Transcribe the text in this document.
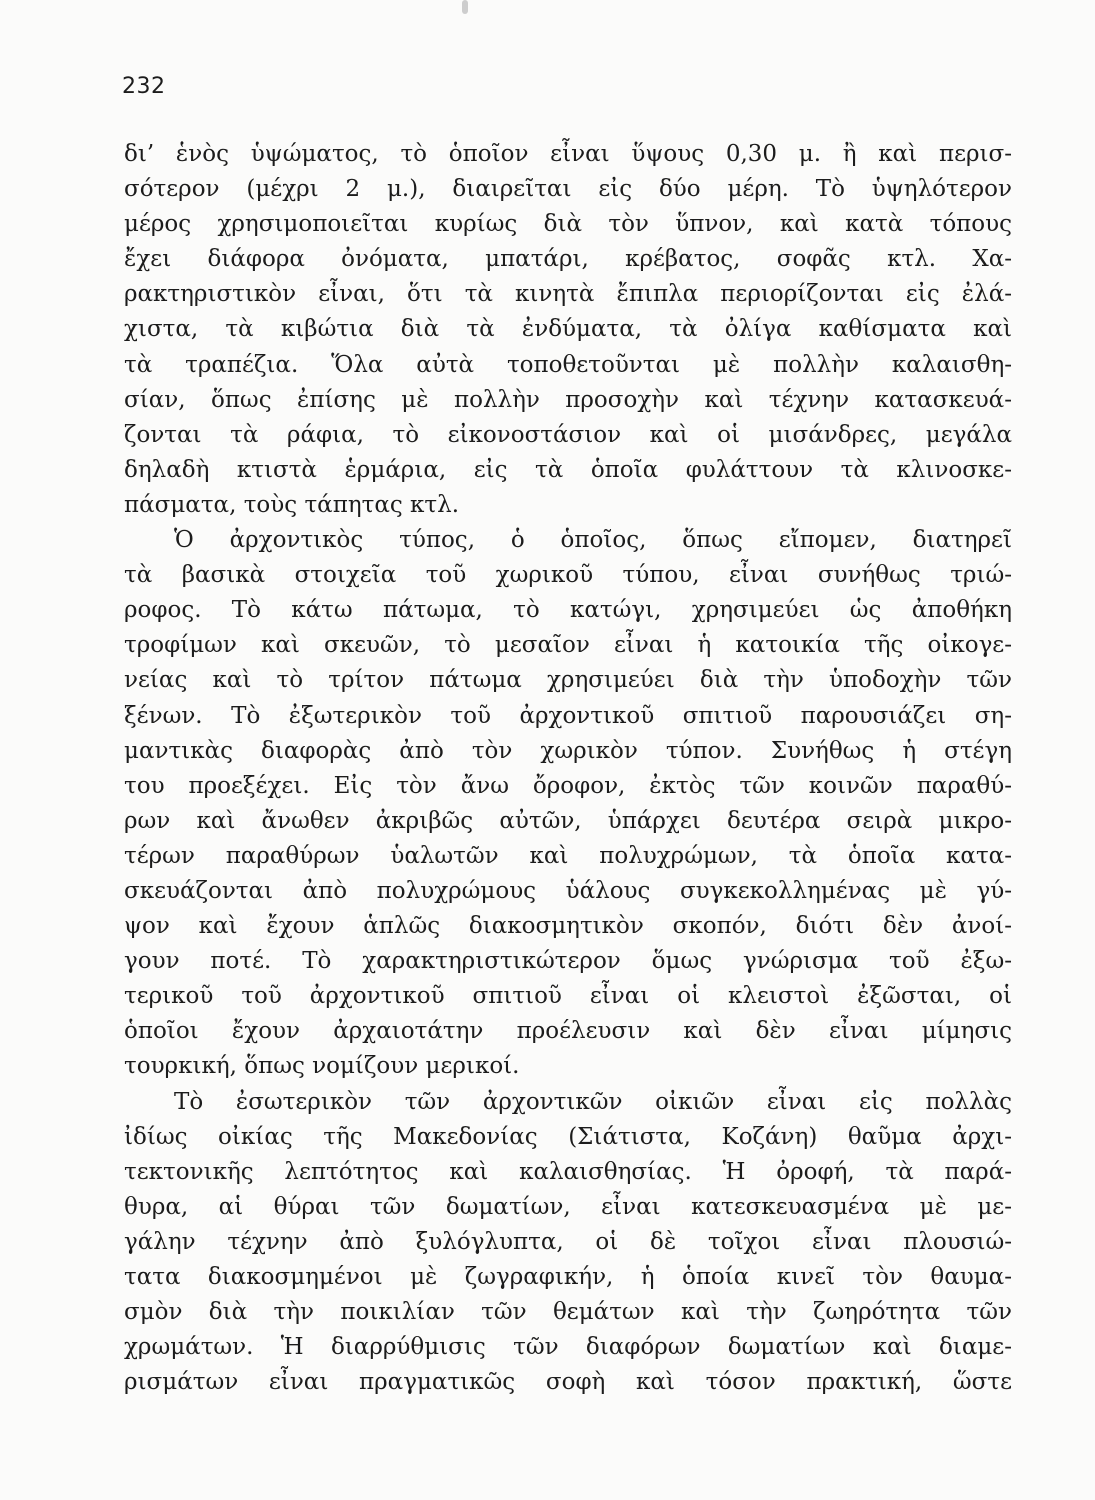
232
δι’ ἑνὸς ὑψώματος, τὸ ὁποῖον εἶναι ὕψους 0,30 μ. ἢ καὶ περισ-
σότερον (μέχρι 2 μ.), διαιρεῖται εἰς δύο μέρη. Τὸ ὑψηλότερον
μέρος χρησιμοποιεῖται κυρίως διὰ τὸν ὕπνον, καὶ κατὰ τόπους
ἔχει διάφορα ὀνόματα, μπατάρι, κρέβατος, σοφᾶς κτλ. Χα-
ρακτηριστικὸν εἶναι, ὅτι τὰ κινητὰ ἔπιπλα περιορίζονται εἰς ἐλά-
χιστα, τὰ κιβώτια διὰ τὰ ἐνδύματα, τὰ ὀλίγα καθίσματα καὶ
τὰ τραπέζια. Ὅλα αὐτὰ τοποθετοῦνται μὲ πολλὴν καλαισθη-
σίαν, ὅπως ἐπίσης μὲ πολλὴν προσοχὴν καὶ τέχνην κατασκευά-
ζονται τὰ ράφια, τὸ εἰκονοστάσιον καὶ οἱ μισάνδρες, μεγάλα
δηλαδὴ κτιστὰ ἑρμάρια, εἰς τὰ ὁποῖα φυλάττουν τὰ κλινοσκε-
πάσματα, τοὺς τάπητας κτλ.
Ὁ ἀρχοντικὸς τύπος, ὁ ὁποῖος, ὅπως εἴπομεν, διατηρεῖ
τὰ βασικὰ στοιχεῖα τοῦ χωρικοῦ τύπου, εἶναι συνήθως τριώ-
ροφος. Τὸ κάτω πάτωμα, τὸ κατώγι, χρησιμεύει ὡς ἀποθήκη
τροφίμων καὶ σκευῶν, τὸ μεσαῖον εἶναι ἡ κατοικία τῆς οἰκογε-
νείας καὶ τὸ τρίτον πάτωμα χρησιμεύει διὰ τὴν ὑποδοχὴν τῶν
ξένων. Τὸ ἐξωτερικὸν τοῦ ἀρχοντικοῦ σπιτιοῦ παρουσιάζει ση-
μαντικὰς διαφορὰς ἀπὸ τὸν χωρικὸν τύπον. Συνήθως ἡ στέγη
του προεξέχει. Εἰς τὸν ἄνω ὄροφον, ἐκτὸς τῶν κοινῶν παραθύ-
ρων καὶ ἄνωθεν ἀκριβῶς αὐτῶν, ὑπάρχει δευτέρα σειρὰ μικρο-
τέρων παραθύρων ὑαλωτῶν καὶ πολυχρώμων, τὰ ὁποῖα κατα-
σκευάζονται ἀπὸ πολυχρώμους ὑάλους συγκεκολλημένας μὲ γύ-
ψον καὶ ἔχουν ἁπλῶς διακοσμητικὸν σκοπόν, διότι δὲν ἀνοί-
γουν ποτέ. Τὸ χαρακτηριστικώτερον ὅμως γνώρισμα τοῦ ἐξω-
τερικοῦ τοῦ ἀρχοντικοῦ σπιτιοῦ εἶναι οἱ κλειστοὶ ἐξῶσται, οἱ
ὁποῖοι ἔχουν ἀρχαιοτάτην προέλευσιν καὶ δὲν εἶναι μίμησις
τουρκική, ὅπως νομίζουν μερικοί.
Τὸ ἐσωτερικὸν τῶν ἀρχοντικῶν οἰκιῶν εἶναι εἰς πολλὰς
ἰδίως οἰκίας τῆς Μακεδονίας (Σιάτιστα, Κοζάνη) θαῦμα ἀρχι-
τεκτονικῆς λεπτότητος καὶ καλαισθησίας. Ἡ ὀροφή, τὰ παρά-
θυρα, αἱ θύραι τῶν δωματίων, εἶναι κατεσκευασμένα μὲ με-
γάλην τέχνην ἀπὸ ξυλόγλυπτα, οἱ δὲ τοῖχοι εἶναι πλουσιώ-
τατα διακοσμημένοι μὲ ζωγραφικήν, ἡ ὁποία κινεῖ τὸν θαυμα-
σμὸν διὰ τὴν ποικιλίαν τῶν θεμάτων καὶ τὴν ζωηρότητα τῶν
χρωμάτων. Ἡ διαρρύθμισις τῶν διαφόρων δωματίων καὶ διαμε-
ρισμάτων εἶναι πραγματικῶς σοφὴ καὶ τόσον πρακτική, ὥστε
